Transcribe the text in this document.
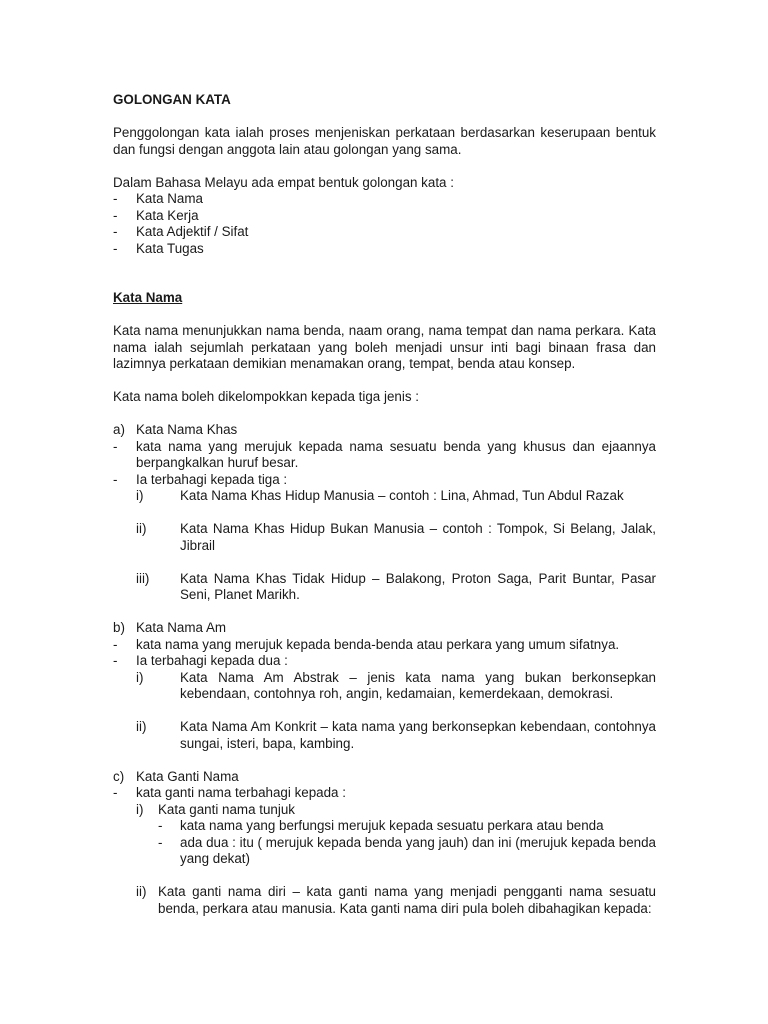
GOLONGAN KATA

Penggolongan kata ialah proses menjeniskan perkataan berdasarkan keserupaan bentuk dan fungsi dengan anggota lain atau golongan yang sama.

Dalam Bahasa Melayu ada empat bentuk golongan kata :

- Kata Nama
- Kata Kerja
- Kata Adjektif / Sifat
- Kata Tugas
Kata Nama

Kata nama menunjukkan nama benda, naam orang, nama tempat dan nama perkara. Kata nama ialah sejumlah perkataan yang boleh menjadi unsur inti bagi binaan frasa dan lazimnya perkataan demikian menamakan orang, tempat, benda atau konsep.

Kata nama boleh dikelompokkan kepada tiga jenis :

a) Kata Nama Khas
- kata nama yang merujuk kepada nama sesuatu benda yang khusus dan ejaannya berpangkalkan huruf besar.
- Ia terbahagi kepada tiga :
i)	Kata Nama Khas Hidup Manusia – contoh : Lina, Ahmad, Tun Abdul Razak
ii)	Kata Nama Khas Hidup Bukan Manusia – contoh : Tompok, Si Belang, Jalak, Jibrail
iii) Kata Nama Khas Tidak Hidup – Balakong, Proton Saga, Parit Buntar, Pasar Seni, Planet Marikh.
b) Kata Nama Am
- kata nama yang merujuk kepada benda-benda atau perkara yang umum sifatnya.
- Ia terbahagi kepada dua :
i)	Kata Nama Am Abstrak – jenis kata nama yang bukan berkonsepkan kebendaan, contohnya roh, angin, kedamaian, kemerdekaan, demokrasi.
ii)	Kata Nama Am Konkrit – kata nama yang berkonsepkan kebendaan, contohnya sungai, isteri, bapa, kambing.
c) Kata Ganti Nama
- kata ganti nama terbahagi kepada :
i) Kata ganti nama tunjuk
- kata nama yang berfungsi merujuk kepada sesuatu perkara atau benda
- ada dua : itu ( merujuk kepada benda yang jauh) dan ini (merujuk kepada benda yang dekat)
ii) Kata ganti nama diri – kata ganti nama yang menjadi pengganti nama sesuatu benda, perkara atau manusia. Kata ganti nama diri pula boleh dibahagikan kepada:
